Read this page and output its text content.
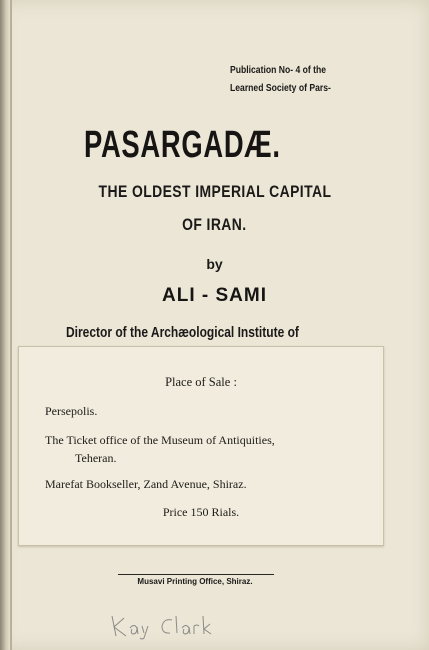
Publication No- 4 of the
Learned Society of Pars-
PASARGADÆ.
THE OLDEST IMPERIAL CAPITAL
OF IRAN.
by
ALI - SAMI
Director of the Archæological Institute of
Place of Sale :
Persepolis.
The Ticket office of the Museum of Antiquities,
Teheran.
Marefat Bookseller, Zand Avenue, Shiraz.
Price 150 Rials.
Musavi Printing Office, Shiraz.
